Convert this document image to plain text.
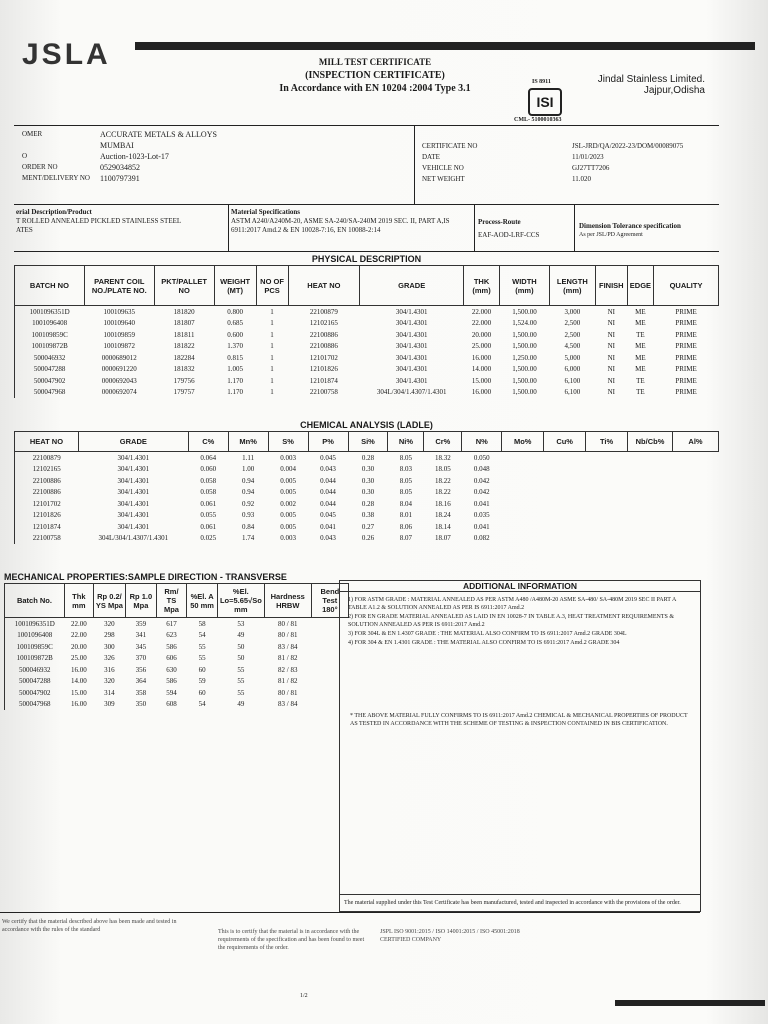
JSLA	MILL TEST CERTIFICATE
(INSPECTION CERTIFICATE)
In Accordance with EN 10204 :2004 Type 3.1
IS 8911
ISI
CML- 5100010363
Jindal Stainless Limited.
Jajpur,Odisha
OMER	ACCURATE METALS & ALLOYS
MUMBAI
O	Auction-1023-Lot-17
ORDER NO	0529034852
MENT/DELIVERY NO	1100797391
CERTIFICATE NO	JSL-JRD/QA/2022-23/DOM/00089075
DATE	11/01/2023
VEHICLE NO	GJ27TT7206
NET WEIGHT	11.020
erial Description/Product
T ROLLED ANNEALED PICKLED STAINLESS STEEL
ATES
Material Specifications
ASTM A240/A240M-20, ASME SA-240/SA-240M 2019 SEC. II, PART A,IS 6911:2017 Amd.2 & EN 10028-7:16, EN 10088-2:14
Process-Route
EAF-AOD-LRF-CCS
Dimension Tolerance specification
As per JSL/PD Agreement
PHYSICAL DESCRIPTION
BATCH NO	PARENT COIL NO./PLATE NO.	PKT/PALLET NO	WEIGHT (MT)	NO OF PCS	HEAT NO	GRADE	THK (mm)	WIDTH (mm)	LENGTH (mm)	FINISH	EDGE	QUALITY
1001096351D	100109635	181820	0.800	1	22100879	304/1.4301	22.000	1,500.00	3,000	NI	ME	PRIME
1001096408	100109640	181807	0.685	1	12102165	304/1.4301	22.000	1,524.00	2,500	NI	ME	PRIME
100109859C	100109859	181811	0.600	1	22100886	304/1.4301	20.000	1,500.00	2,500	NI	TE	PRIME
100109872B	100109872	181822	1.370	1	22100886	304/1.4301	25.000	1,500.00	4,500	NI	ME	PRIME
500046932	0000689012	182284	0.815	1	12101702	304/1.4301	16.000	1,250.00	5,000	NI	ME	PRIME
500047288	0000691220	181832	1.005	1	12101826	304/1.4301	14.000	1,500.00	6,000	NI	ME	PRIME
500047902	0000692043	179756	1.170	1	12101874	304/1.4301	15.000	1,500.00	6,100	NI	TE	PRIME
500047968	0000692074	179757	1.170	1	22100758	304L/304/1.4307/1.4301	16.000	1,500.00	6,100	NI	TE	PRIME
CHEMICAL ANALYSIS (LADLE)
HEAT NO	GRADE	C%	Mn%	S%	P%	Si%	Ni%	Cr%	N%	Mo%	Cu%	Ti%	Nb/Cb%	Al%
22100879	304/1.4301	0.064	1.11	0.003	0.045	0.28	8.05	18.32	0.050					
12102165	304/1.4301	0.060	1.00	0.004	0.043	0.30	8.03	18.05	0.048					
22100886	304/1.4301	0.058	0.94	0.005	0.044	0.30	8.05	18.22	0.042					
22100886	304/1.4301	0.058	0.94	0.005	0.044	0.30	8.05	18.22	0.042					
12101702	304/1.4301	0.061	0.92	0.002	0.044	0.28	8.04	18.16	0.041					
12101826	304/1.4301	0.055	0.93	0.005	0.045	0.38	8.01	18.24	0.035					
12101874	304/1.4301	0.061	0.84	0.005	0.041	0.27	8.06	18.14	0.041					
22100758	304L/304/1.4307/1.4301	0.025	1.74	0.003	0.043	0.26	8.07	18.07	0.082					
MECHANICAL PROPERTIES:SAMPLE DIRECTION - TRANSVERSE
Batch No.	Thk mm	Rp 0.2/ YS Mpa	Rp 1.0 Mpa	Rm/ TS Mpa	%El. A 50 mm	%El. Lo=5.65√So mm	Hardness HRBW	Bend Test 180°
1001096351D	22.00	320	359	617	58	53	80 / 81	
1001096408	22.00	298	341	623	54	49	80 / 81	
100109859C	20.00	300	345	586	55	50	83 / 84	
100109872B	25.00	326	370	606	55	50	81 / 82	
500046932	16.00	316	356	630	60	55	82 / 83	
500047288	14.00	320	364	586	59	55	81 / 82	
500047902	15.00	314	358	594	60	55	80 / 81	
500047968	16.00	309	350	608	54	49	83 / 84	
ADDITIONAL INFORMATION

1) FOR ASTM GRADE : MATERIAL ANNEALED AS PER ASTM A480 /A480M-20 ASME SA-480/ SA-480M 2019 SEC II PART A TABLE A1.2 & SOLUTION ANNEALED AS PER IS 6911:2017 Amd.2

2) FOR EN GRADE MATERIAL ANNEALED AS LAID IN EN 10028-7 IN TABLE A.3, HEAT TREATMENT REQUIREMENTS & SOLUTION ANNEALED AS PER IS 6911:2017 Amd.2

3) FOR 304L & EN 1.4307 GRADE : THE MATERIAL ALSO CONFIRM TO IS 6911:2017 Amd.2 GRADE 304L

4) FOR 304 & EN 1.4301 GRADE : THE MATERIAL ALSO CONFIRM TO IS 6911:2017 Amd.2 GRADE 304

* THE ABOVE MATERIAL FULLY CONFIRMS TO IS 6911:2017 Amd.2 CHEMICAL & MECHANICAL PROPERTIES OF PRODUCT AS TESTED IN ACCORDANCE WITH THE SCHEME OF TESTING & INSPECTION CONTAINED IN BIS CERTIFICATION.
The material supplied under this Test Certificate has been manufactured, tested and inspected in accordance with the provisions of the order.
We certify that the material described above has been made and tested in accordance with the rules of the standard	This is to certify that the material is in accordance with the requirements of the specification and has been found to meet the requirements of the order.
JSPL ISO 9001:2015 / ISO 14001:2015 / ISO 45001:2018 CERTIFIED COMPANY
1/2
